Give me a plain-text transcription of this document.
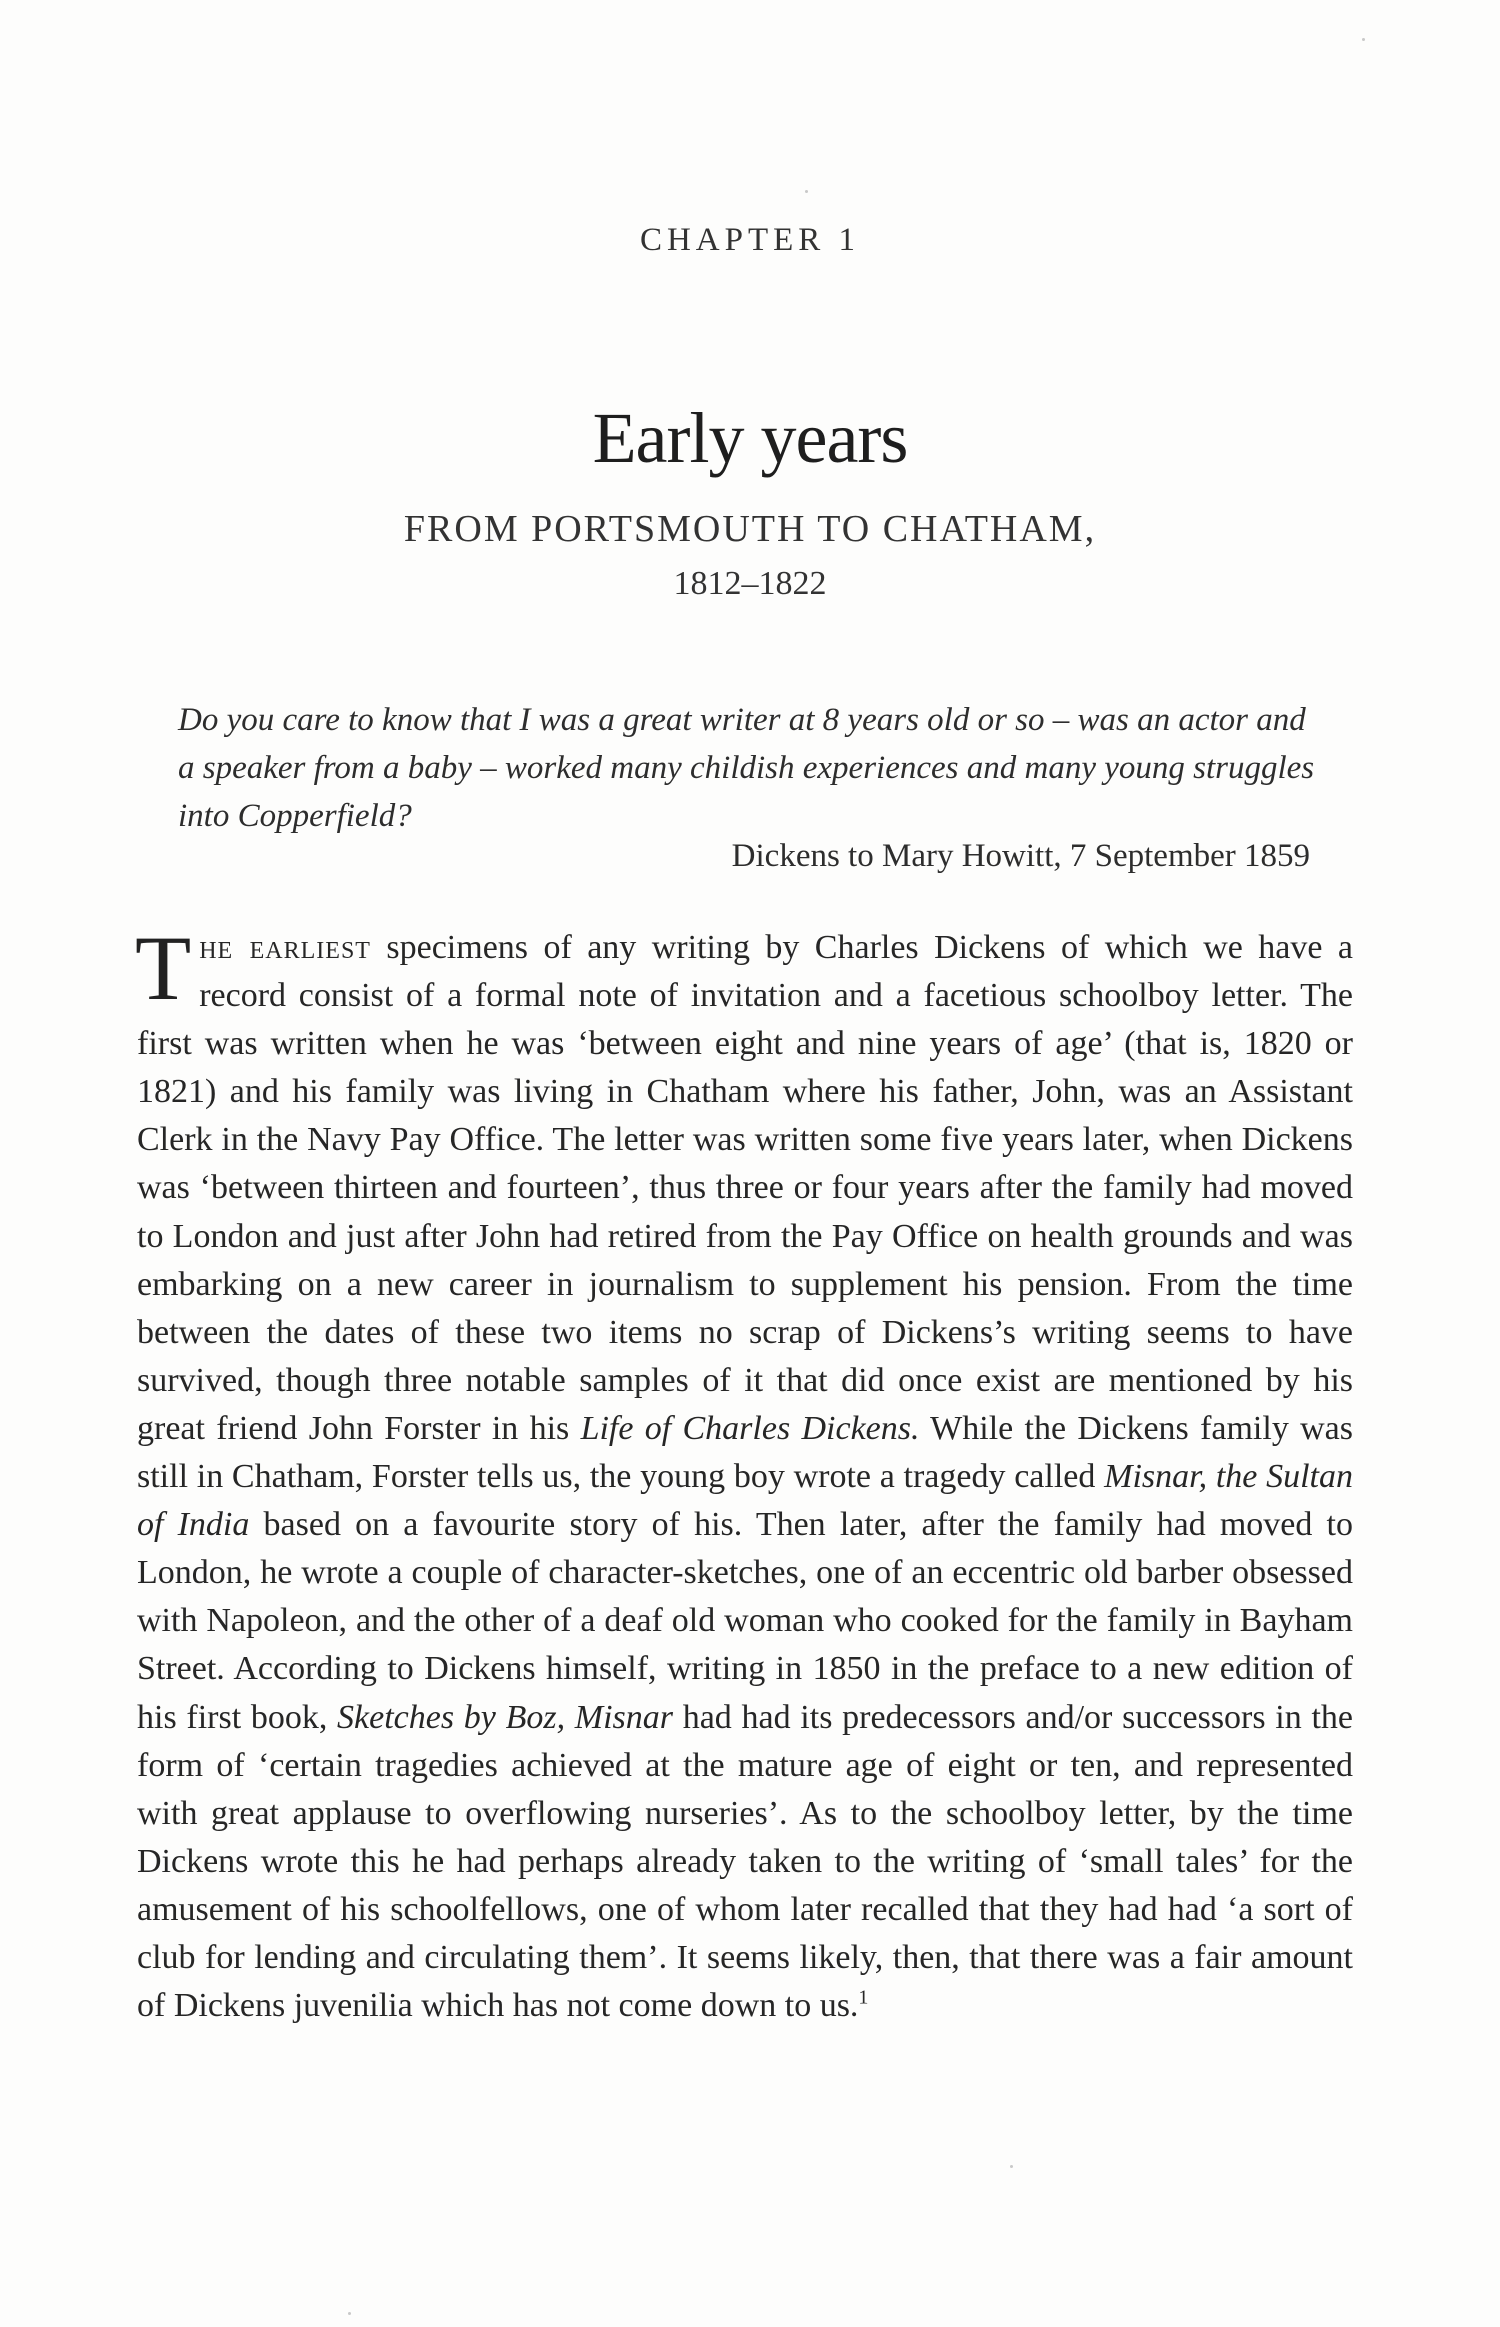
CHAPTER 1
Early years
FROM PORTSMOUTH TO CHATHAM,
1812–1822
Do you care to know that I was a great writer at 8 years old or so – was an actor and a speaker from a baby – worked many childish experiences and many young struggles into Copperfield?
Dickens to Mary Howitt, 7 September 1859
The earliest specimens of any writing by Charles Dickens of which we have a record consist of a formal note of invitation and a facetious schoolboy letter. The first was written when he was ‘between eight and nine years of age’ (that is, 1820 or 1821) and his family was living in Chatham where his father, John, was an Assistant Clerk in the Navy Pay Office. The letter was written some five years later, when Dickens was ‘between thirteen and fourteen’, thus three or four years after the family had moved to London and just after John had retired from the Pay Office on health grounds and was embarking on a new career in journalism to supplement his pension. From the time between the dates of these two items no scrap of Dickens’s writing seems to have survived, though three notable samples of it that did once exist are mentioned by his great friend John Forster in his Life of Charles Dickens. While the Dickens family was still in Chatham, Forster tells us, the young boy wrote a tragedy called Misnar, the Sultan of India based on a favourite story of his. Then later, after the family had moved to London, he wrote a couple of character-sketches, one of an eccentric old barber obsessed with Napoleon, and the other of a deaf old woman who cooked for the family in Bayham Street. According to Dickens himself, writing in 1850 in the preface to a new edition of his first book, Sketches by Boz, Misnar had had its predecessors and/or successors in the form of ‘certain tragedies achieved at the mature age of eight or ten, and represented with great applause to overflowing nurseries’. As to the schoolboy letter, by the time Dickens wrote this he had perhaps already taken to the writing of ‘small tales’ for the amusement of his schoolfellows, one of whom later recalled that they had had ‘a sort of club for lending and circulating them’. It seems likely, then, that there was a fair amount of Dickens juvenilia which has not come down to us.$^1$
